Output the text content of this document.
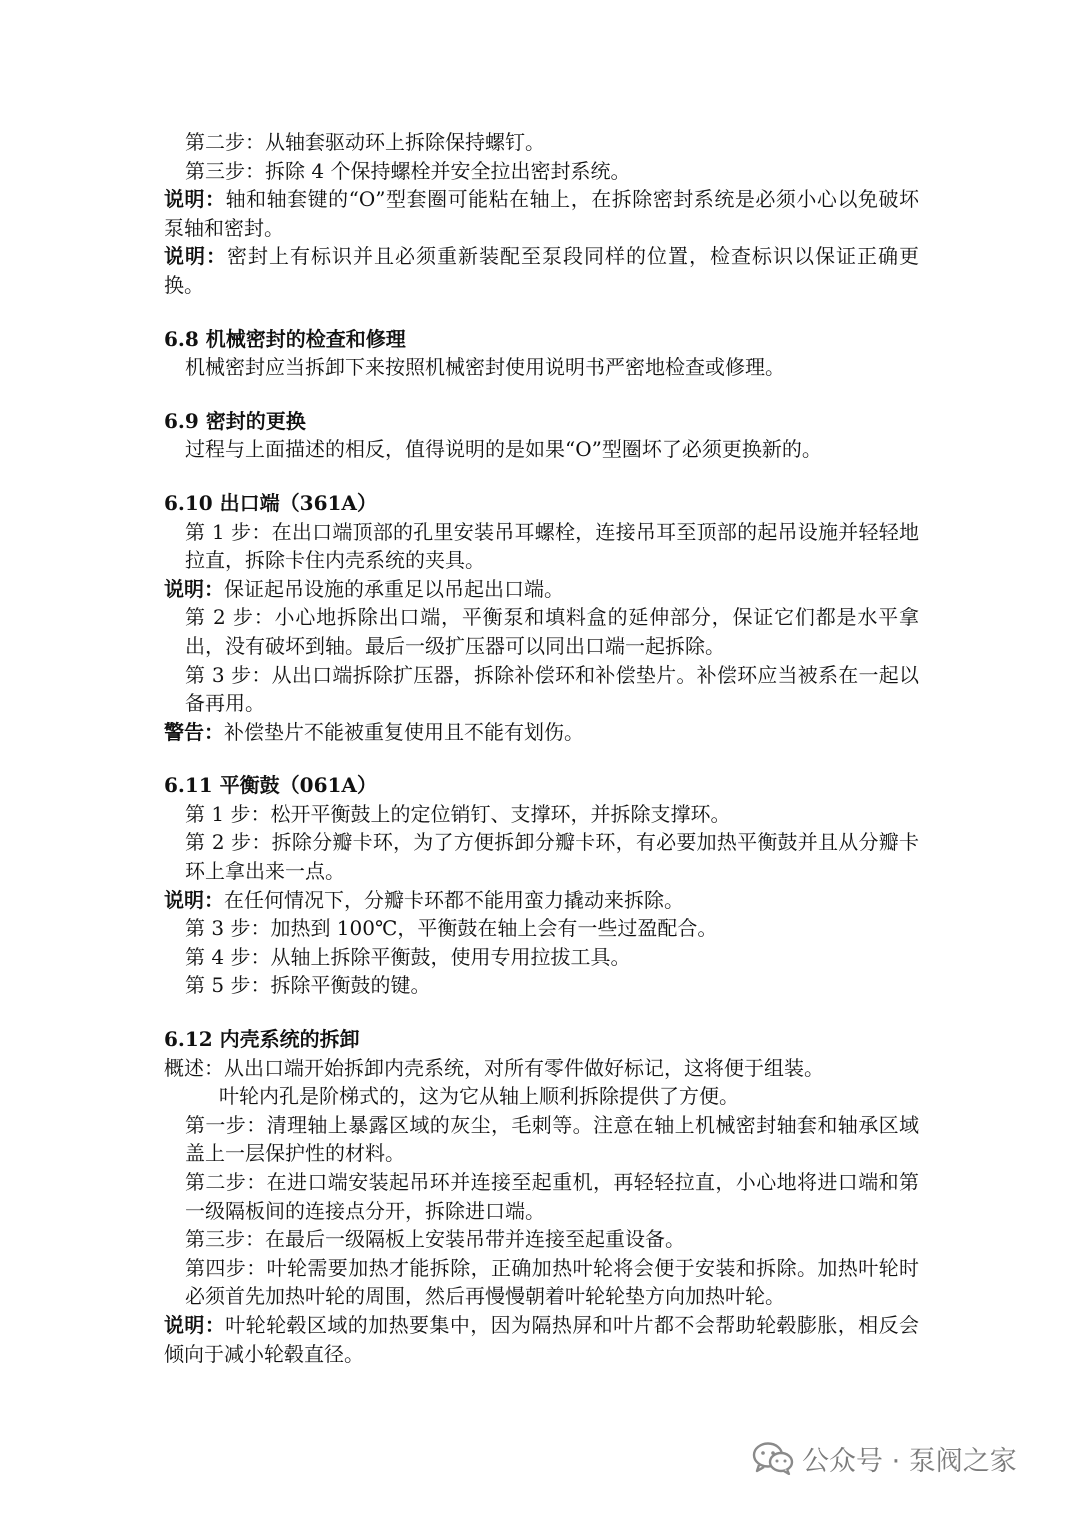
第二步：从轴套驱动环上拆除保持螺钉。

第三步：拆除 4 个保持螺栓并安全拉出密封系统。

说明：轴和轴套键的“O”型套圈可能粘在轴上，在拆除密封系统是必须小心以免破坏泵轴和密封。

说明：密封上有标识并且必须重新装配至泵段同样的位置，检查标识以保证正确更换。

6.8 机械密封的检查和修理

机械密封应当拆卸下来按照机械密封使用说明书严密地检查或修理。

6.9 密封的更换

过程与上面描述的相反，值得说明的是如果“O”型圈坏了必须更换新的。

6.10 出口端（361A）

第 1 步：在出口端顶部的孔里安装吊耳螺栓，连接吊耳至顶部的起吊设施并轻轻地拉直，拆除卡住内壳系统的夹具。

说明：保证起吊设施的承重足以吊起出口端。

第 2 步：小心地拆除出口端，平衡泵和填料盒的延伸部分，保证它们都是水平拿出，没有破坏到轴。最后一级扩压器可以同出口端一起拆除。

第 3 步：从出口端拆除扩压器，拆除补偿环和补偿垫片。补偿环应当被系在一起以备再用。

警告：补偿垫片不能被重复使用且不能有划伤。

6.11 平衡鼓（061A）

第 1 步：松开平衡鼓上的定位销钉、支撑环，并拆除支撑环。

第 2 步：拆除分瓣卡环，为了方便拆卸分瓣卡环，有必要加热平衡鼓并且从分瓣卡环上拿出来一点。

说明：在任何情况下，分瓣卡环都不能用蛮力撬动来拆除。

第 3 步：加热到 100℃，平衡鼓在轴上会有一些过盈配合。

第 4 步：从轴上拆除平衡鼓，使用专用拉拔工具。

第 5 步：拆除平衡鼓的键。

6.12 内壳系统的拆卸

概述：从出口端开始拆卸内壳系统，对所有零件做好标记，这将便于组装。

叶轮内孔是阶梯式的，这为它从轴上顺利拆除提供了方便。

第一步：清理轴上暴露区域的灰尘，毛刺等。注意在轴上机械密封轴套和轴承区域盖上一层保护性的材料。

第二步：在进口端安装起吊环并连接至起重机，再轻轻拉直，小心地将进口端和第一级隔板间的连接点分开，拆除进口端。

第三步：在最后一级隔板上安装吊带并连接至起重设备。

第四步：叶轮需要加热才能拆除，正确加热叶轮将会便于安装和拆除。加热叶轮时必须首先加热叶轮的周围，然后再慢慢朝着叶轮轮垫方向加热叶轮。

说明：叶轮轮毂区域的加热要集中，因为隔热屏和叶片都不会帮助轮毂膨胀，相反会倾向于减小轮毂直径。

公众号 · 泵阀之家
